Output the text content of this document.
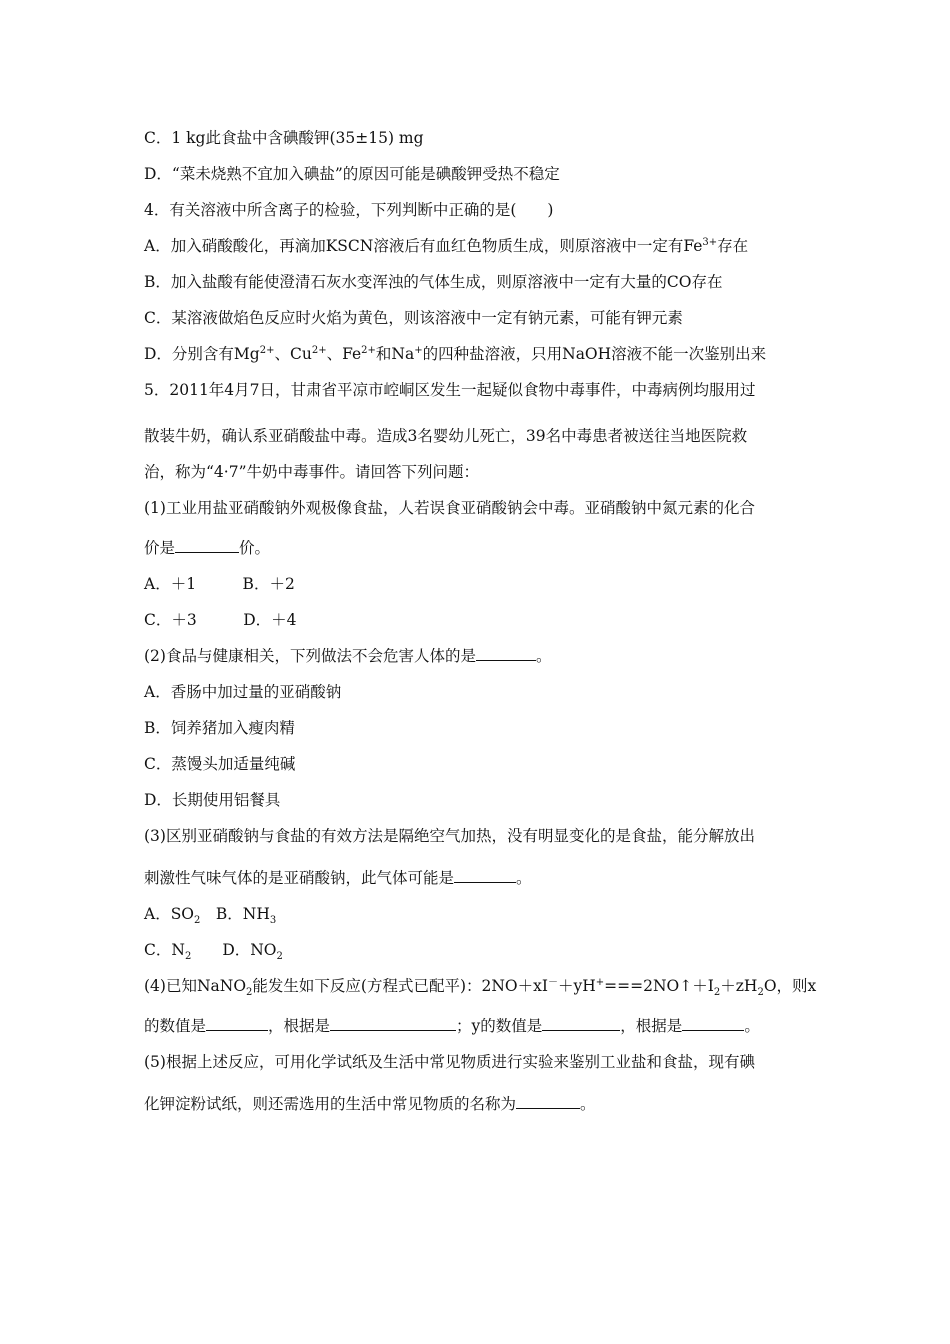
C．1 kg此食盐中含碘酸钾(35±15) mg
D．“菜未烧熟不宜加入碘盐”的原因可能是碘酸钾受热不稳定
4．有关溶液中所含离子的检验，下列判断中正确的是(　　)
A．加入硝酸酸化，再滴加KSCN溶液后有血红色物质生成，则原溶液中一定有$Fe^{3+}$存在
B．加入盐酸有能使澄清石灰水变浑浊的气体生成，则原溶液中一定有大量的CO存在
C．某溶液做焰色反应时火焰为黄色，则该溶液中一定有钠元素，可能有钾元素
D．分别含有$Mg^{2+}$、$Cu^{2+}$、$Fe^{2+}$和Na+的四种盐溶液，只用NaOH溶液不能一次鉴别出来
5．2011年4月7日，甘肃省平凉市崆峒区发生一起疑似食物中毒事件，中毒病例均服用过
散装牛奶，确认系亚硝酸盐中毒。造成3名婴幼儿死亡，39名中毒患者被送往当地医院救
治，称为“4·7”牛奶中毒事件。请回答下列问题：
(1)工业用盐亚硝酸钠外观极像食盐，人若误食亚硝酸钠会中毒。亚硝酸钠中氮元素的化合
价是	价。
A．＋1　　　B．＋2
C．＋3　　　D．＋4
(2)食品与健康相关，下列做法不会危害人体的是	。
A．香肠中加过量的亚硝酸钠
B．饲养猪加入瘦肉精
C．蒸馒头加适量纯碱
D．长期使用铝餐具
(3)区别亚硝酸钠与食盐的有效方法是隔绝空气加热，没有明显变化的是食盐，能分解放出
刺激性气味气体的是亚硝酸钠，此气体可能是	。
A．$SO_2$　B．$NH_3$
C．$N_2$　　D．$NO_2$
(4)已知NaNO$_2$能发生如下反应(方程式已配平)：$2NO+xI^-+yH^+===2NO↑+I_2+zH_2O$，则x
的数值是	，根据是	；y的数值是	，根据是	。
(5)根据上述反应，可用化学试纸及生活中常见物质进行实验来鉴别工业盐和食盐，现有碘
化钾淀粉试纸，则还需选用的生活中常见物质的名称为	。
